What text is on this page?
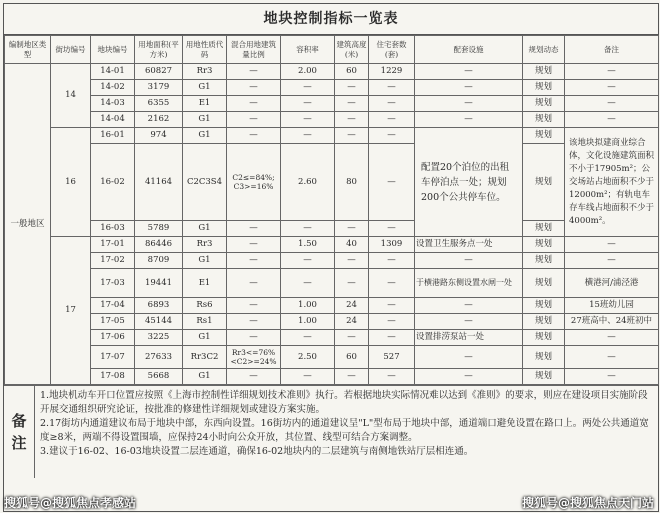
地块控制指标一览表
编制地区类型	街坊编号	地块编号	用地面积(平方米)	用地性质代码	混合用地建筑量比例	容积率	建筑高度(米)	住宅套数(套)	配套设施	规划动态	备注
一般地区	14	14-01	60827	Rr3	—	2.00	60	1229	—	规划	—
		14-02	3179	G1	—	—	—	—	—	规划	—
		14-03	6355	E1	—	—	—	—	—	规划	—
		14-04	2162	G1	—	—	—	—	—	规划	—
	16	16-01	974	G1	—	—	—	—	配置20个泊位的出租车停泊点一处；规划200个公共停车位。	规划	该地块拟建商业综合体，文化设施建筑面积不小于17905m²；公交场站占地面积不少于12000m²；有轨电车存车线占地面积不少于4000m²。
		16-02	41164	C2C3S4	C2≤=84%;
C3>=16%	2.60	80	—		规划	
		16-03	5789	G1	—	—	—	—		规划	
	17	17-01	86446	Rr3	—	1.50	40	1309	设置卫生服务点一处	规划	—
		17-02	8709	G1	—	—	—	—	—	规划	—
		17-03	19441	E1	—	—	—	—	于横港路东侧设置水闸一处	规划	横港河/浦泾港
		17-04	6893	Rs6	—	1.00	24	—	—	规划	15班幼儿园
		17-05	45144	Rs1	—	1.00	24	—	—	规划	27班高中、24班初中
		17-06	3225	G1	—	—	—	—	设置排涝泵站一处	规划	—
		17-07	27633	Rr3C2	Rr3<=76%
<C2>=24%	2.50	60	527	—	规划	—
		17-08	5668	G1	—	—	—	—	—	规划	—
备
注

1.地块机动车开口位置应按照《上海市控制性详细规划技术准则》执行。若根据地块实际情况难以达到《准则》的要求，则应在建设项目实施阶段开展交通组织研究论证，按批准的修建性详细规划或建设方案实施。

2.17街坊内通道建议布局于地块中部，东西向设置。16街坊内的通道建议呈"L"型布局于地块中部，通道端口避免设置在路口上。两处公共通道宽度≥8米，两端不得设置围墙，应保持24小时向公众开放，其位置、线型可结合方案调整。

3.建议于16-02、16-03地块设置二层连通道，确保16-02地块内的二层建筑与南侧地铁站厅层相连通。

搜狐号@搜狐焦点孝感站	搜狐号@搜狐焦点天门站
